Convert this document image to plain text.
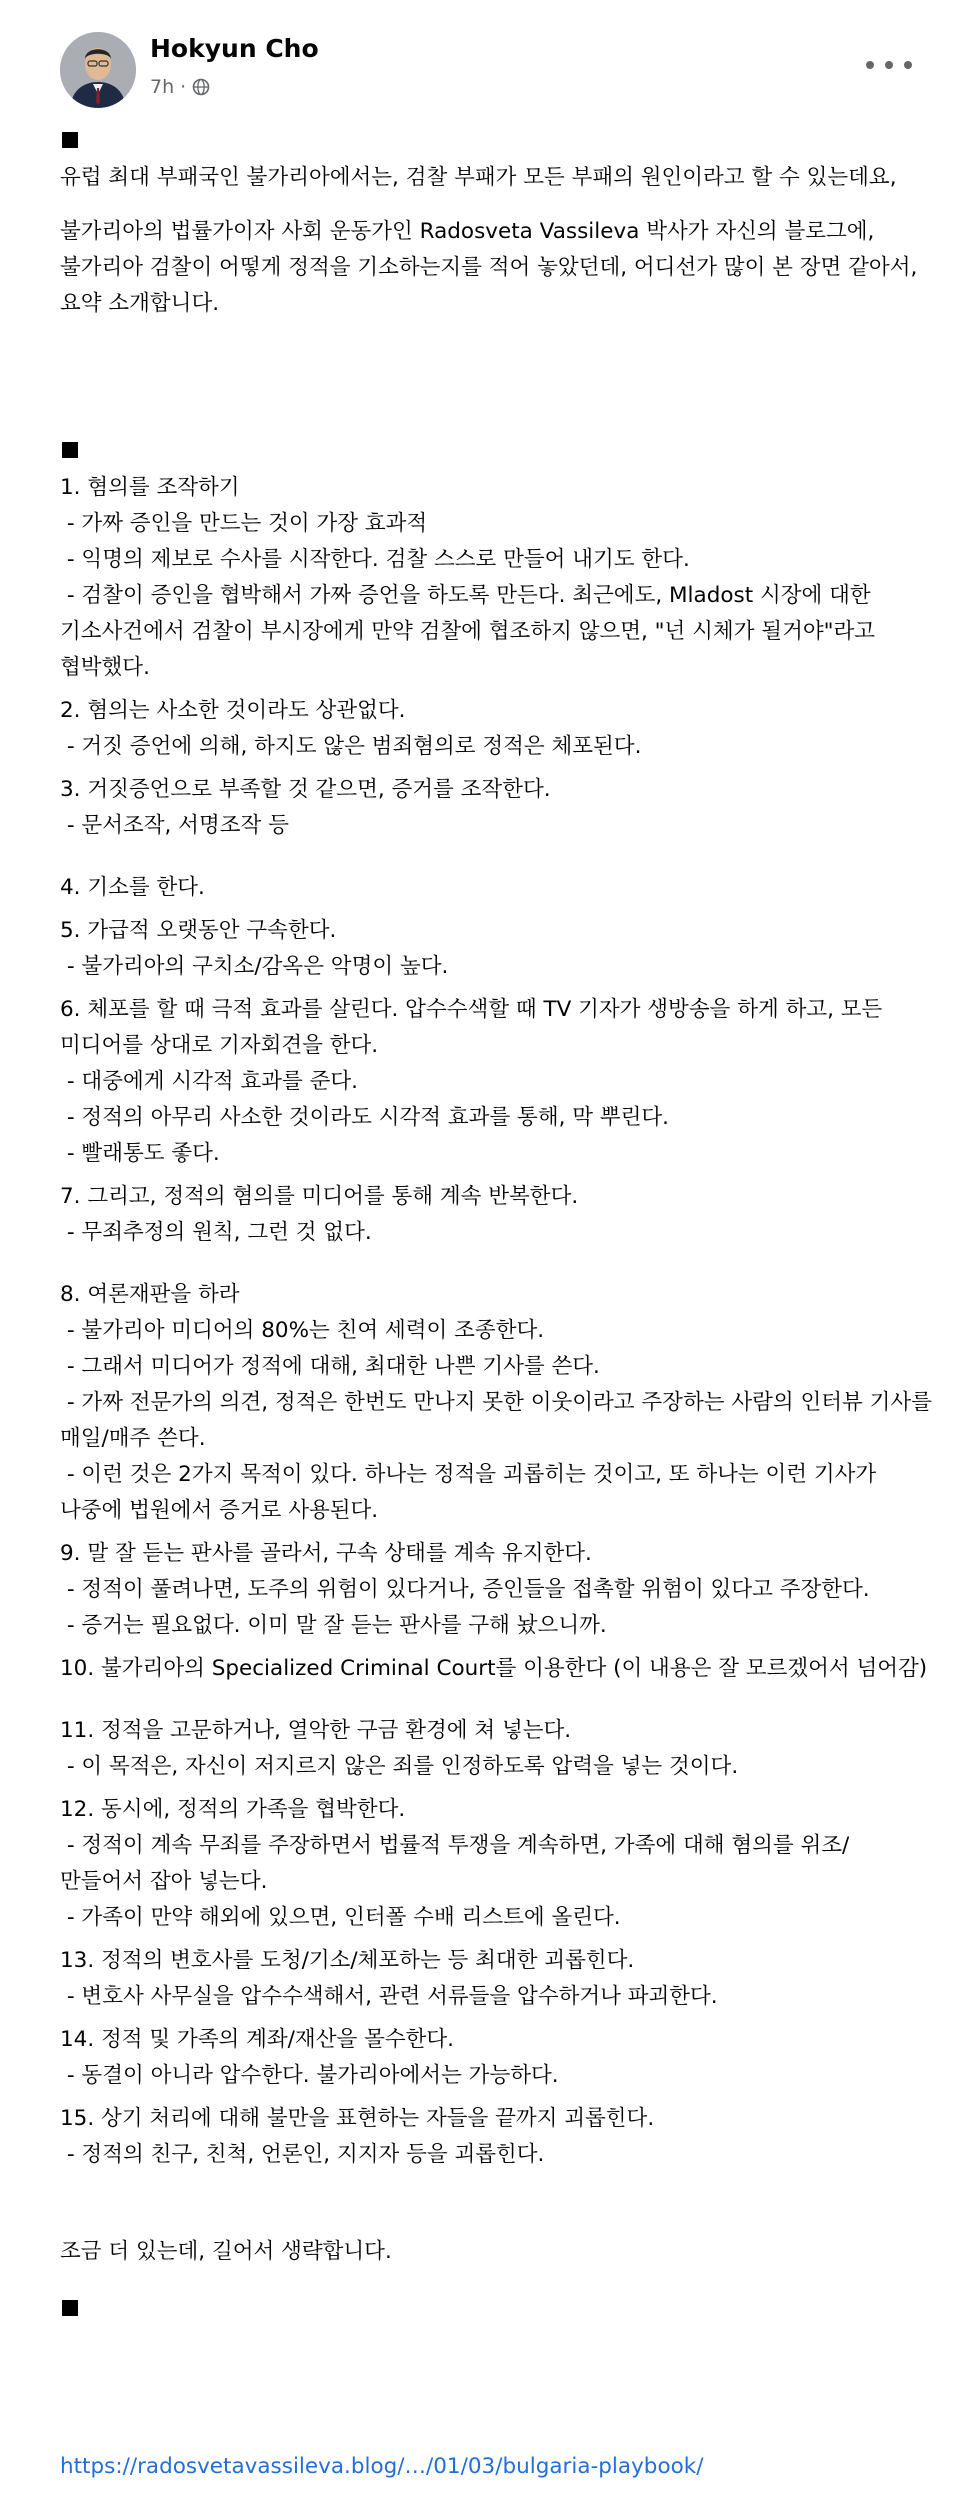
Hokyun Cho
7h ·

유럽 최대 부패국인 불가리아에서는, 검찰 부패가 모든 부패의 원인이라고 할 수 있는데요,

불가리아의 법률가이자 사회 운동가인 Radosveta Vassileva 박사가 자신의 블로그에, 불가리아 검찰이 어떻게 정적을 기소하는지를 적어 놓았던데, 어디선가 많이 본 장면 같아서, 요약 소개합니다.

1. 혐의를 조작하기

- 가짜 증인을 만드는 것이 가장 효과적

- 익명의 제보로 수사를 시작한다. 검찰 스스로 만들어 내기도 한다.

- 검찰이 증인을 협박해서 가짜 증언을 하도록 만든다. 최근에도, Mladost 시장에 대한 기소사건에서 검찰이 부시장에게 만약 검찰에 협조하지 않으면, "넌 시체가 될거야"라고 협박했다.

2. 혐의는 사소한 것이라도 상관없다.

- 거짓 증언에 의해, 하지도 않은 범죄혐의로 정적은 체포된다.

3. 거짓증언으로 부족할 것 같으면, 증거를 조작한다.

- 문서조작, 서명조작 등

4. 기소를 한다.

5. 가급적 오랫동안 구속한다.

- 불가리아의 구치소/감옥은 악명이 높다.

6. 체포를 할 때 극적 효과를 살린다. 압수수색할 때 TV 기자가 생방송을 하게 하고, 모든 미디어를 상대로 기자회견을 한다.

- 대중에게 시각적 효과를 준다.

- 정적의 아무리 사소한 것이라도 시각적 효과를 통해, 막 뿌린다.

- 빨래통도 좋다.

7. 그리고, 정적의 혐의를 미디어를 통해 계속 반복한다.

- 무죄추정의 원칙, 그런 것 없다.

8. 여론재판을 하라

- 불가리아 미디어의 80%는 친여 세력이 조종한다.

- 그래서 미디어가 정적에 대해, 최대한 나쁜 기사를 쓴다.

- 가짜 전문가의 의견, 정적은 한번도 만나지 못한 이웃이라고 주장하는 사람의 인터뷰 기사를 매일/매주 쓴다.

- 이런 것은 2가지 목적이 있다. 하나는 정적을 괴롭히는 것이고, 또 하나는 이런 기사가 나중에 법원에서 증거로 사용된다.

9. 말 잘 듣는 판사를 골라서, 구속 상태를 계속 유지한다.

- 정적이 풀려나면, 도주의 위험이 있다거나, 증인들을 접촉할 위험이 있다고 주장한다.

- 증거는 필요없다. 이미 말 잘 듣는 판사를 구해 놨으니까.

10. 불가리아의 Specialized Criminal Court를 이용한다 (이 내용은 잘 모르겠어서 넘어감)

11. 정적을 고문하거나, 열악한 구금 환경에 쳐 넣는다.

- 이 목적은, 자신이 저지르지 않은 죄를 인정하도록 압력을 넣는 것이다.

12. 동시에, 정적의 가족을 협박한다.

- 정적이 계속 무죄를 주장하면서 법률적 투쟁을 계속하면, 가족에 대해 혐의를 위조/만들어서 잡아 넣는다.

- 가족이 만약 해외에 있으면, 인터폴 수배 리스트에 올린다.

13. 정적의 변호사를 도청/기소/체포하는 등 최대한 괴롭힌다.

- 변호사 사무실을 압수수색해서, 관련 서류들을 압수하거나 파괴한다.

14. 정적 및 가족의 계좌/재산을 몰수한다.

- 동결이 아니라 압수한다. 불가리아에서는 가능하다.

15. 상기 처리에 대해 불만을 표현하는 자들을 끝까지 괴롭힌다.

- 정적의 친구, 친척, 언론인, 지지자 등을 괴롭힌다.

조금 더 있는데, 길어서 생략합니다.

https://radosvetavassileva.blog/…/01/03/bulgaria-playbook/
